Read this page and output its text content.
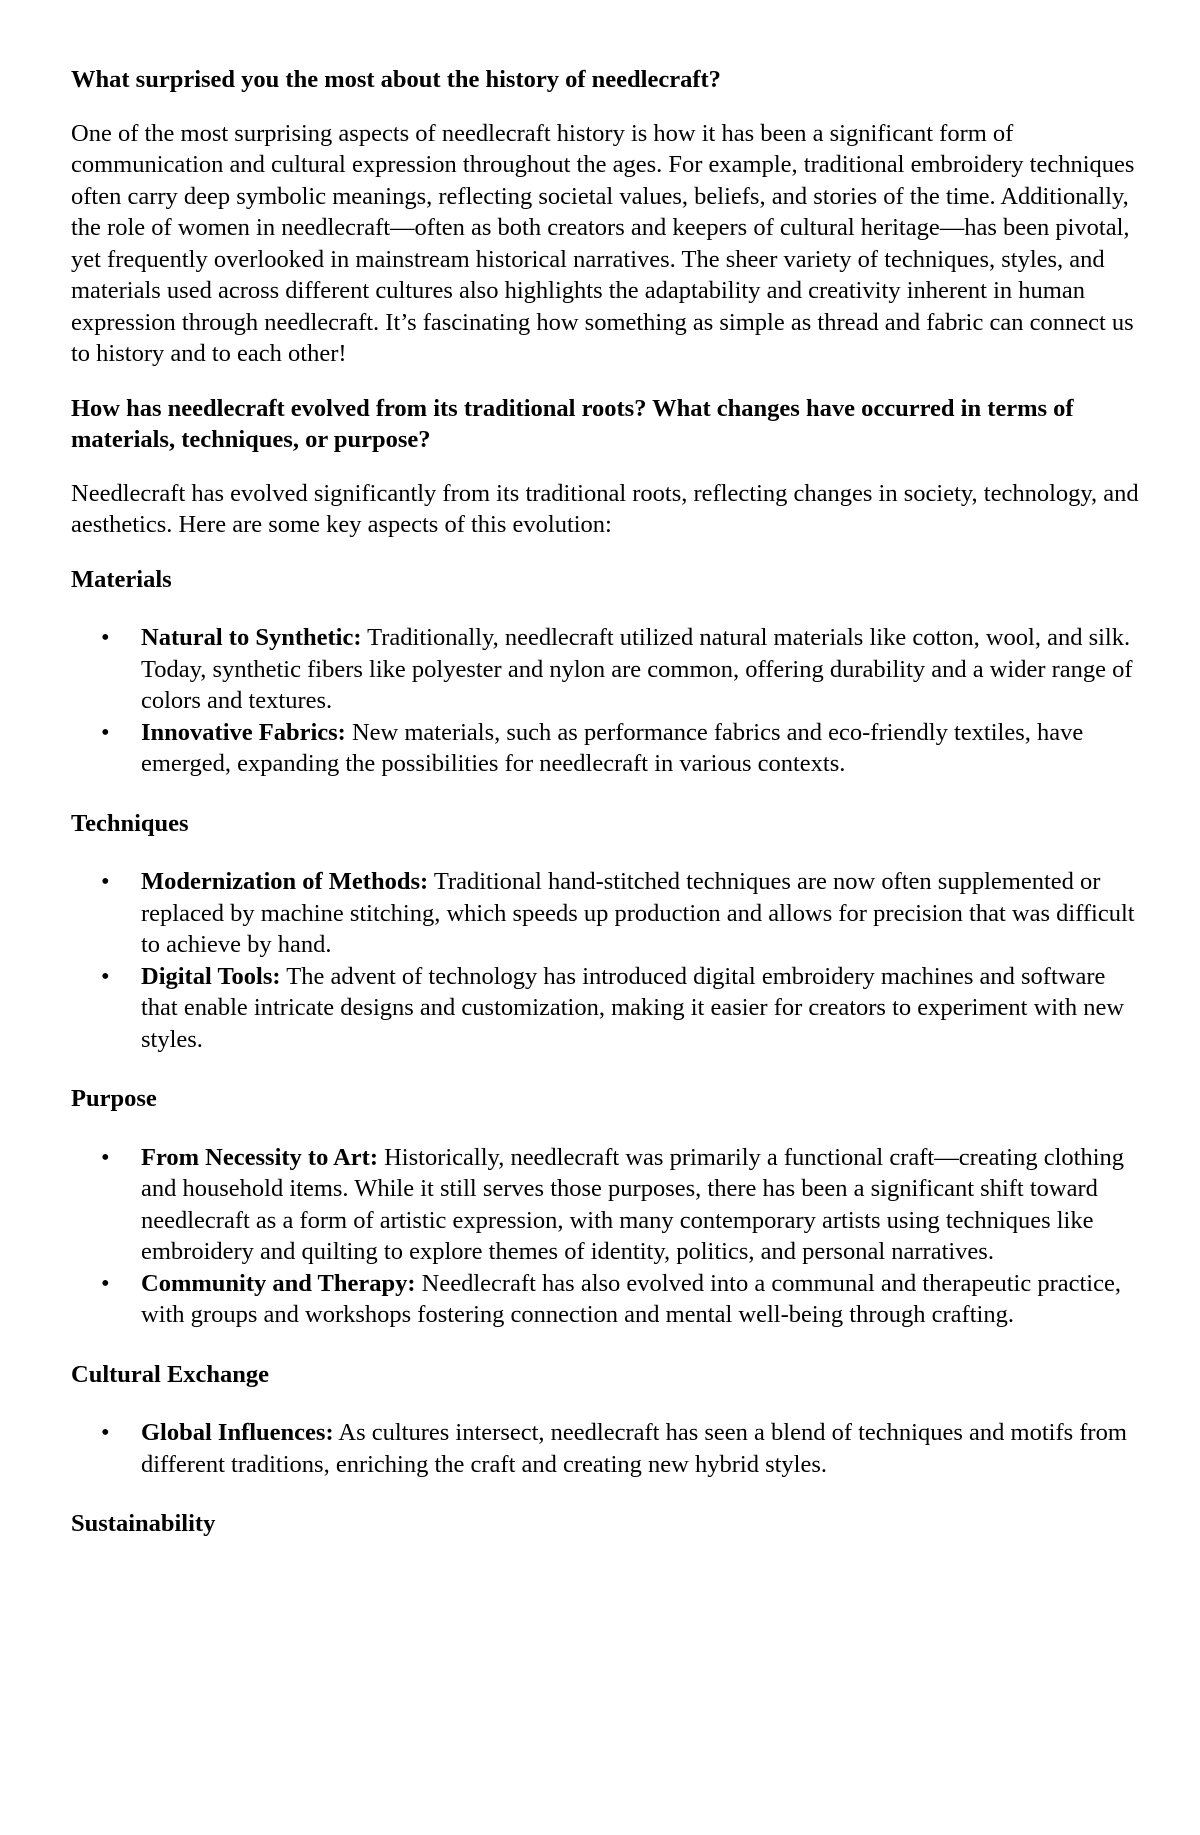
What surprised you the most about the history of needlecraft?

One of the most surprising aspects of needlecraft history is how it has been a significant form of communication and cultural expression throughout the ages. For example, traditional embroidery techniques often carry deep symbolic meanings, reflecting societal values, beliefs, and stories of the time. Additionally, the role of women in needlecraft—often as both creators and keepers of cultural heritage—has been pivotal, yet frequently overlooked in mainstream historical narratives. The sheer variety of techniques, styles, and materials used across different cultures also highlights the adaptability and creativity inherent in human expression through needlecraft. It’s fascinating how something as simple as thread and fabric can connect us to history and to each other!

How has needlecraft evolved from its traditional roots? What changes have occurred in terms of materials, techniques, or purpose?

Needlecraft has evolved significantly from its traditional roots, reflecting changes in society, technology, and aesthetics. Here are some key aspects of this evolution:

Materials

• Natural to Synthetic: Traditionally, needlecraft utilized natural materials like cotton, wool, and silk. Today, synthetic fibers like polyester and nylon are common, offering durability and a wider range of colors and textures.
• Innovative Fabrics: New materials, such as performance fabrics and eco-friendly textiles, have emerged, expanding the possibilities for needlecraft in various contexts.

Techniques

• Modernization of Methods: Traditional hand-stitched techniques are now often supplemented or replaced by machine stitching, which speeds up production and allows for precision that was difficult to achieve by hand.
• Digital Tools: The advent of technology has introduced digital embroidery machines and software that enable intricate designs and customization, making it easier for creators to experiment with new styles.

Purpose

• From Necessity to Art: Historically, needlecraft was primarily a functional craft—creating clothing and household items. While it still serves those purposes, there has been a significant shift toward needlecraft as a form of artistic expression, with many contemporary artists using techniques like embroidery and quilting to explore themes of identity, politics, and personal narratives.
• Community and Therapy: Needlecraft has also evolved into a communal and therapeutic practice, with groups and workshops fostering connection and mental well-being through crafting.

Cultural Exchange

• Global Influences: As cultures intersect, needlecraft has seen a blend of techniques and motifs from different traditions, enriching the craft and creating new hybrid styles.

Sustainability
